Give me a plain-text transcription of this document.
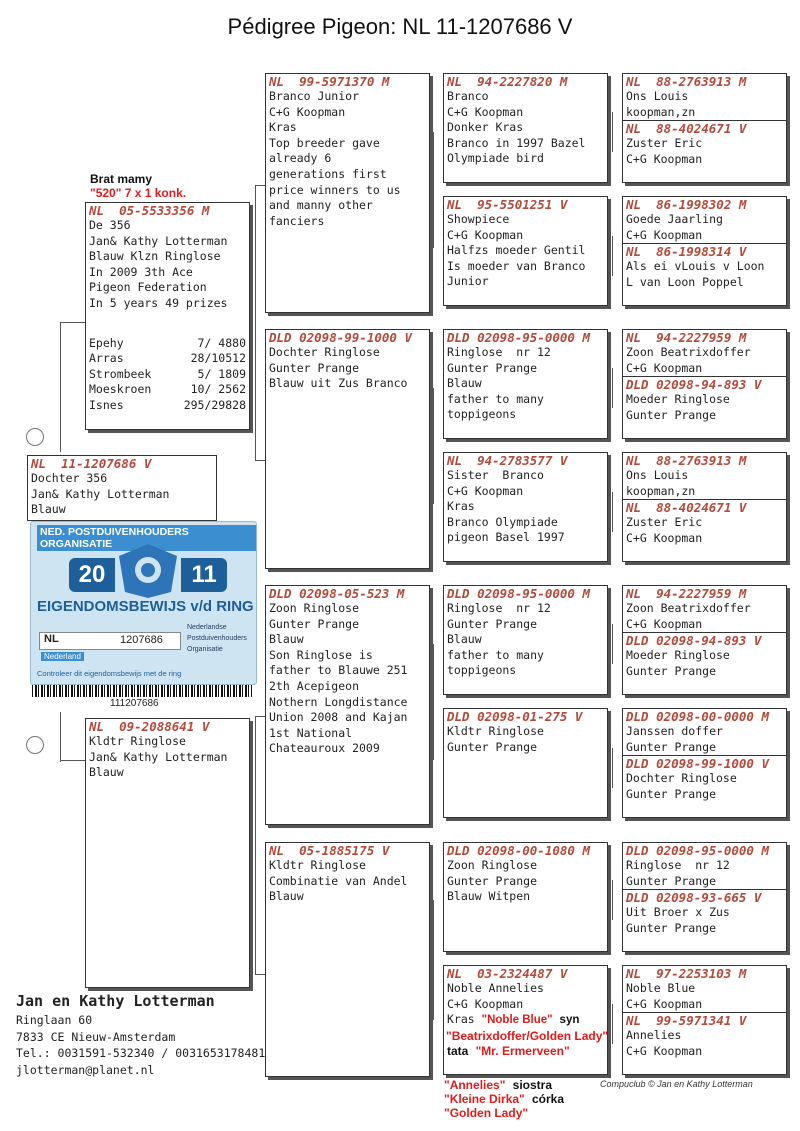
Pédigree Pigeon: NL 11-1207686 V
Brat mamy
"520" 7 x 1 konk.
NL  05-5533356 M
De 356
Jan& Kathy Lotterman
Blauw Klzn Ringlose
In 2009 3th Ace
Pigeon Federation
In 5 years 49 prizes
Epehy	7/ 4880
Arras	28/10512
Strombeek	5/ 1809
Moeskroen	10/ 2562
Isnes	295/29828
NL  11-1207686 V
Dochter 356
Jan& Kathy Lotterman
Blauw
NED. POSTDUIVENHOUDERS ORGANISATIE
20	11
EIGENDOMSBEWIJS v/d RING
NL	1207686
Nederland
Nederlandse
Postduivenhouders
Organisatie
Controleer dit eigendomsbewijs met de ring
111207686
NL  09-2088641 V
Kldtr Ringlose
Jan& Kathy Lotterman
Blauw
NL  99-5971370 M
Branco Junior
C+G Koopman
Kras
Top breeder gave
already 6
generations first
price winners to us
and manny other
fanciers
DLD 02098-99-1000 V
Dochter Ringlose
Gunter Prange
Blauw uit Zus Branco
DLD 02098-05-523 M
Zoon Ringlose
Gunter Prange
Blauw
Son Ringlose is
father to Blauwe 251
2th Acepigeon
Nothern Longdistance
Union 2008 and Kajan
1st National
Chateauroux 2009
NL  05-1885175 V
Kldtr Ringlose
Combinatie van Andel
Blauw
NL  94-2227820 M
Branco
C+G Koopman
Donker Kras
Branco in 1997 Bazel
Olympiade bird
NL  95-5501251 V
Showpiece
C+G Koopman
Halfzs moeder Gentil
Is moeder van Branco
Junior
DLD 02098-95-0000 M
Ringlose  nr 12
Gunter Prange
Blauw
father to many
toppigeons
NL  94-2783577 V
Sister  Branco
C+G Koopman
Kras
Branco Olympiade
pigeon Basel 1997
DLD 02098-95-0000 M
Ringlose  nr 12
Gunter Prange
Blauw
father to many
toppigeons
DLD 02098-01-275 V
Kldtr Ringlose
Gunter Prange
DLD 02098-00-1080 M
Zoon Ringlose
Gunter Prange
Blauw Witpen
NL  03-2324487 V
Noble Annelies
C+G Koopman
Kras "Noble Blue" syn
"Beatrixdoffer/Golden Lady"
tata "Mr. Ermerveen"
NL  88-2763913 M
Ons Louis
koopman,zn
NL  88-4024671 V
Zuster Eric
C+G Koopman
NL  86-1998302 M
Goede Jaarling
C+G Koopman
NL  86-1998314 V
Als ei vLouis v Loon
L van Loon Poppel
NL  94-2227959 M
Zoon Beatrixdoffer
C+G Koopman
DLD 02098-94-893 V
Moeder Ringlose
Gunter Prange
NL  88-2763913 M
Ons Louis
koopman,zn
NL  88-4024671 V
Zuster Eric
C+G Koopman
NL  94-2227959 M
Zoon Beatrixdoffer
C+G Koopman
DLD 02098-94-893 V
Moeder Ringlose
Gunter Prange
DLD 02098-00-0000 M
Janssen doffer
Gunter Prange
DLD 02098-99-1000 V
Dochter Ringlose
Gunter Prange
DLD 02098-95-0000 M
Ringlose  nr 12
Gunter Prange
DLD 02098-93-665 V
Uit Broer x Zus
Gunter Prange
NL  97-2253103 M
Noble Blue
C+G Koopman
NL  99-5971341 V
Annelies
C+G Koopman
"Annelies" siostra
"Kleine Dirka" córka
"Golden Lady"
Jan en Kathy Lotterman
Ringlaan 60
7833 CE Nieuw-Amsterdam
Tel.: 0031591-532340 / 0031653178481
jlotterman@planet.nl
Compuclub © Jan en Kathy Lotterman
